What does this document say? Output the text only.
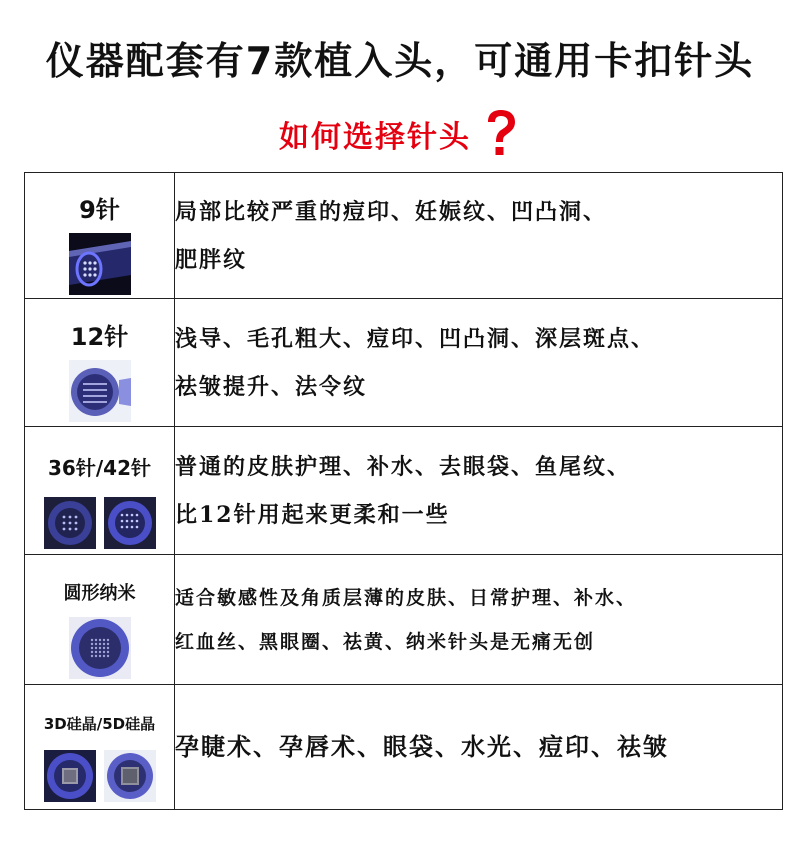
仪器配套有7款植入头，可通用卡扣针头
如何选择针头
9针	局部比较严重的痘印、妊娠纹、凹凸洞、
肥胖纹

12针	浅导、毛孔粗大、痘印、凹凸洞、深层斑点、
祛皱提升、法令纹

36针/42针	普通的皮肤护理、补水、去眼袋、鱼尾纹、
比12针用起来更柔和一些

圆形纳米	适合敏感性及角质层薄的皮肤、日常护理、补水、
红血丝、黑眼圈、祛黄、纳米针头是无痛无创

3D硅晶/5D硅晶	孕睫术、孕唇术、眼袋、水光、痘印、祛皱
